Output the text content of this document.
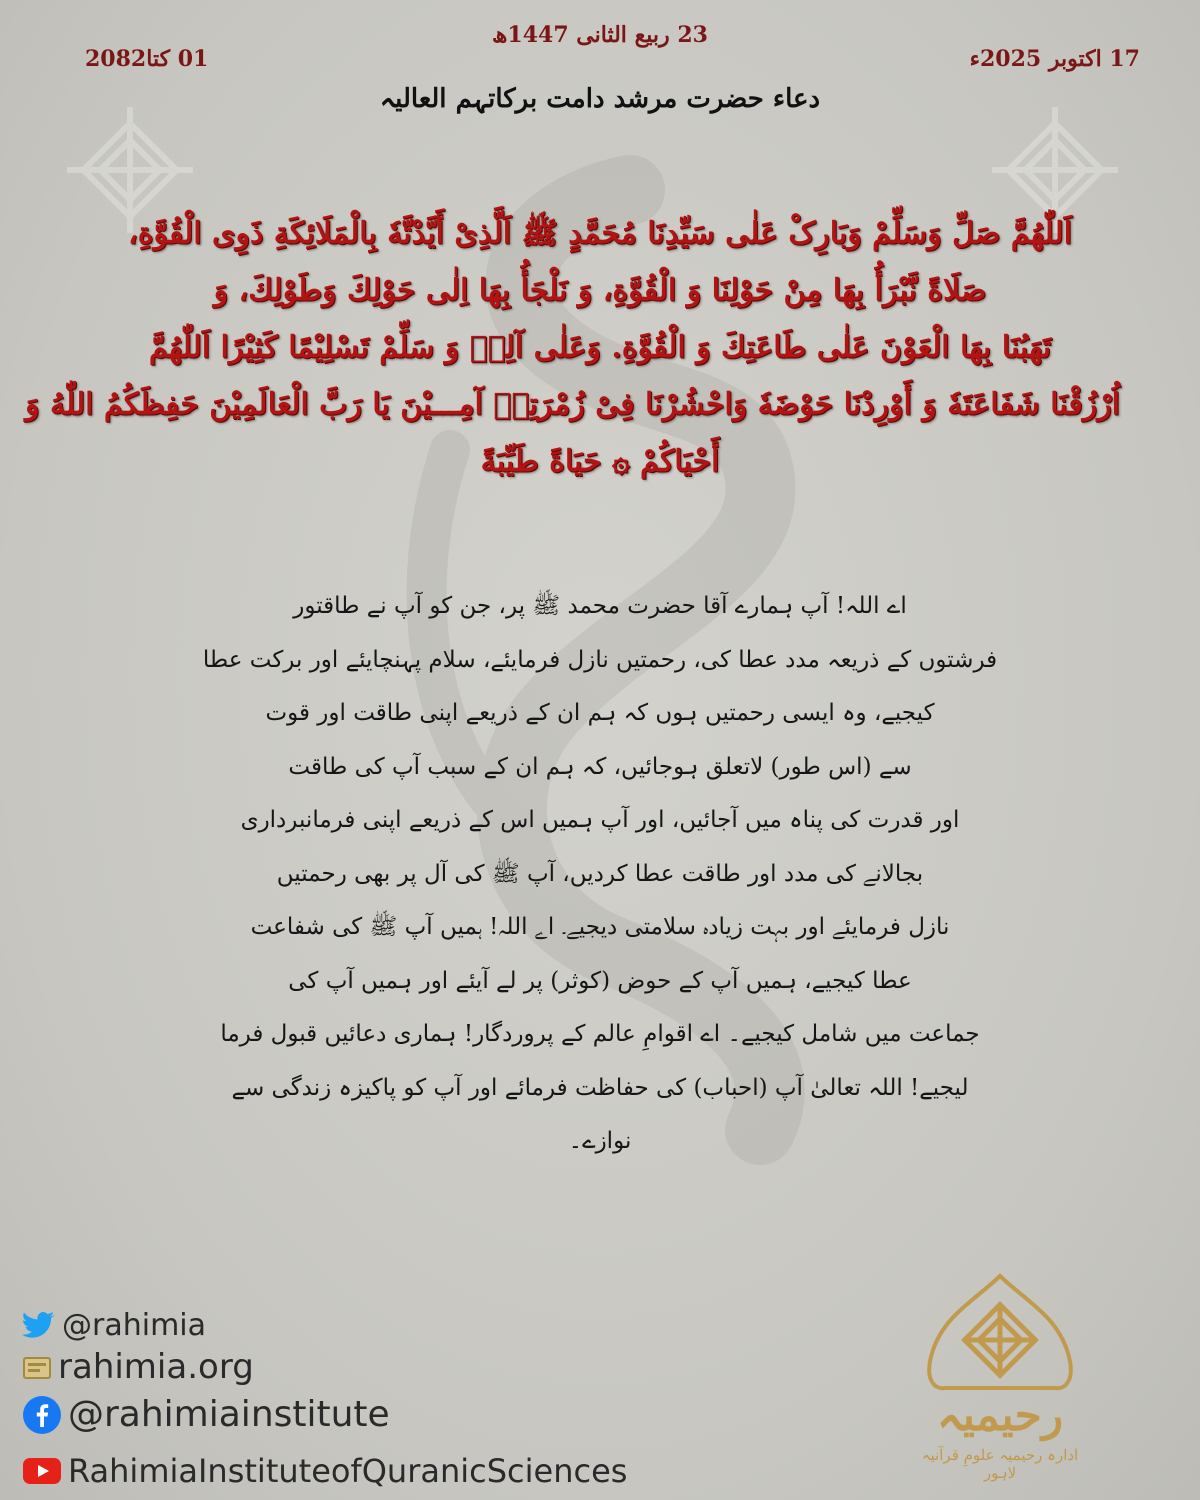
23 ربیع الثانی 1447ھ
17 اکتوبر 2025ء
01 کتا2082
دعاء حضرت مرشد دامت برکاتہم العالیہ
اَللّٰھُمَّ صَلِّ وَسَلِّمْ وَبَارِکْ عَلٰی سَیِّدِنَا مُحَمَّدٍ ﷺ اَلَّذِیْ أَیَّدْتَّهٗ بِالْمَلَائِكَةِ ذَوِی الْقُوَّةِ،
صَلَاةً نَّبْرَأُ بِهَا مِنْ حَوْلِنَا وَ الْقُوَّةِ، وَ نَلْجَأُ بِهَا اِلٰی حَوْلِكَ وَطَوْلِكَ، وَ
تَهَبُنَا بِهَا الْعَوْنَ عَلٰی طَاعَتِكَ وَ الْقُوَّةِ. وَعَلٰی آلِهٖ وَ سَلِّمْ تَسْلِیْمًا کَثِیْرًا اَللّٰهُمَّ
اُرْزُقْنَا شَفَاعَتَهٗ وَ أَوْرِدْنَا حَوْضَهٗ وَاحْشُرْنَا فِیْ زُمْرَتِهٖ آمِـــیْنَ یَا رَبَّ الْعَالَمِیْنَ حَفِظَکُمُ اللّٰهُ وَ
أَحْیَاکُمْ ۞ حَیَاةً طَیِّبَةً
اے اللہ! آپ ہمارے آقا حضرت محمد ﷺ پر، جن کو آپ نے طاقتور
فرشتوں کے ذریعہ مدد عطا کی، رحمتیں نازل فرمایئے، سلام پہنچایئے اور برکت عطا
کیجیے، وہ ایسی رحمتیں ہوں کہ ہم ان کے ذریعے اپنی طاقت اور قوت
سے (اس طور) لاتعلق ہوجائیں، کہ ہم ان کے سبب آپ کی طاقت
اور قدرت کی پناہ میں آجائیں، اور آپ ہمیں اس کے ذریعے اپنی فرمانبرداری
بجالانے کی مدد اور طاقت عطا کردیں، آپ ﷺ کی آل پر بھی رحمتیں
نازل فرمایئے اور بہت زیادہ سلامتی دیجیے۔ اے اللہ! ہمیں آپ ﷺ کی شفاعت
عطا کیجیے، ہمیں آپ کے حوض (کوثر) پر لے آیئے اور ہمیں آپ کی
جماعت میں شامل کیجیے۔ اے اقوامِ عالم کے پروردگار! ہماری دعائیں قبول فرما
لیجیے! اللہ تعالیٰ آپ (احباب) کی حفاظت فرمائے اور آپ کو پاکیزہ زندگی سے
نوازے۔
@rahimia
rahimia.org
@rahimiainstitute
RahimiaInstituteofQuranicSciences
رحیمیہ
ادارہ رحیمیہ علومِ قرآنیہ لاہور
